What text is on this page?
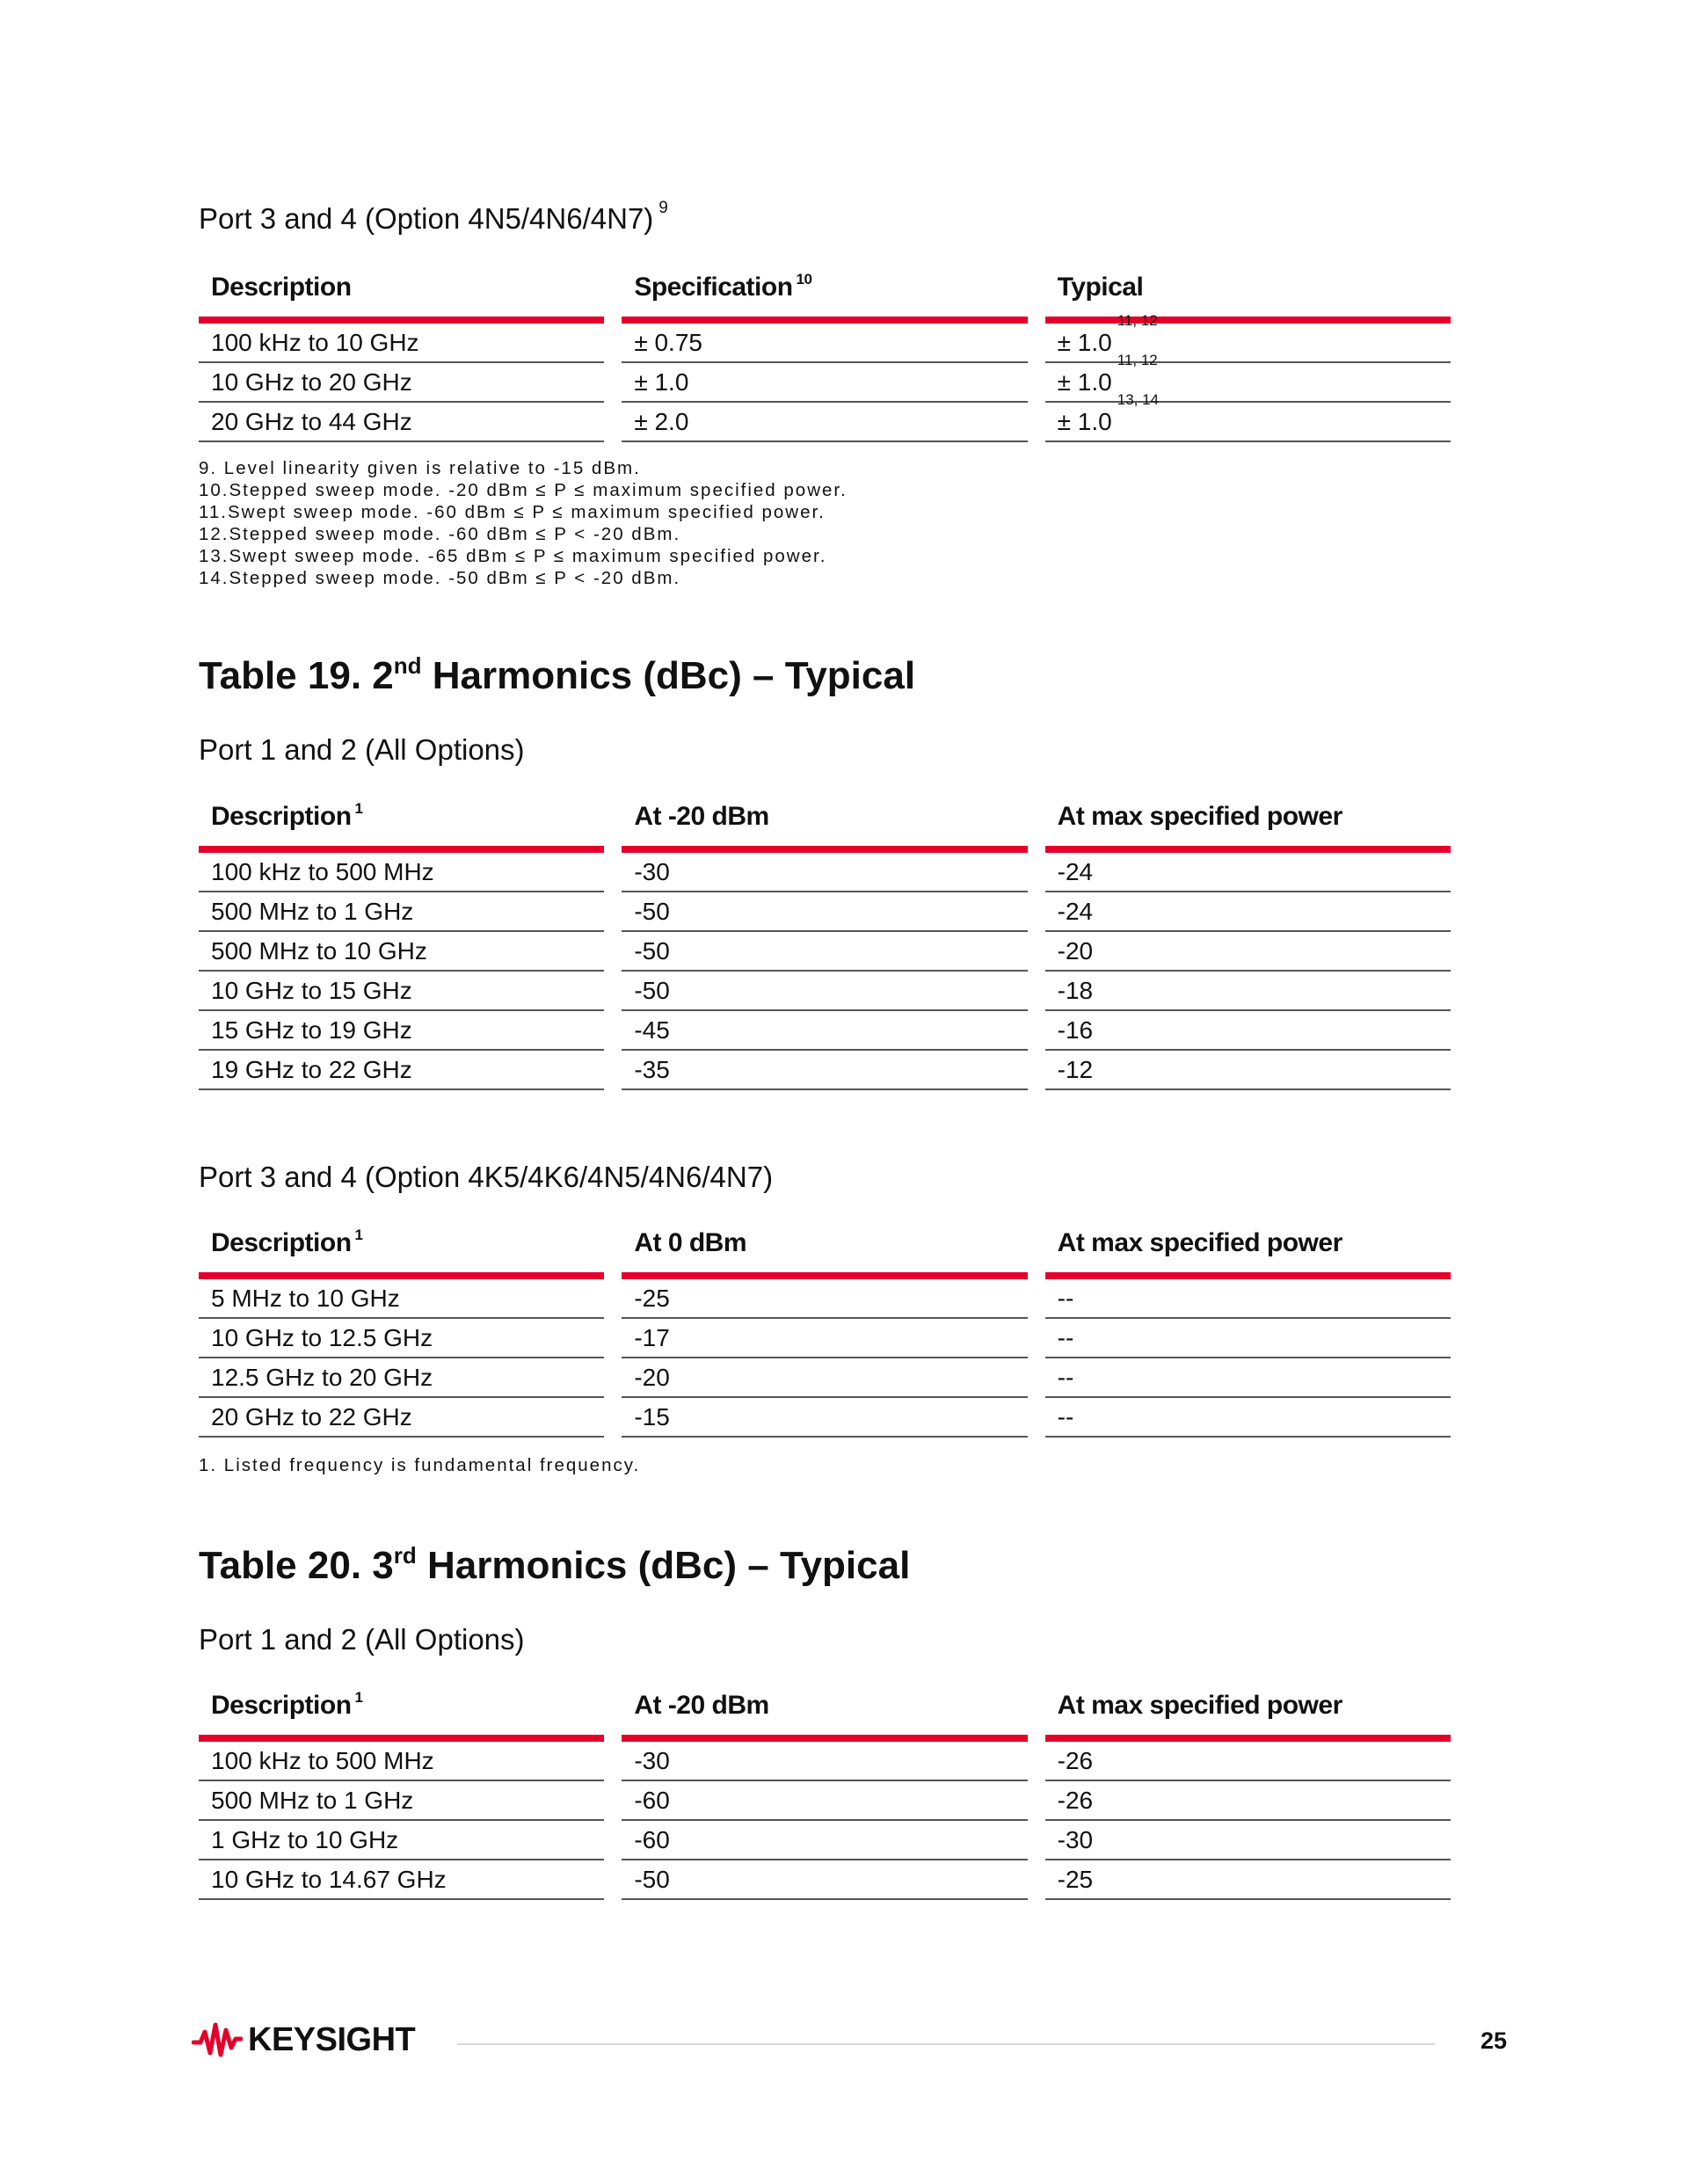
Port 3 and 4 (Option 4N5/4N6/4N7) $^9$
Description	Specification $^{10}$	Typical
100 kHz to 10 GHz	± 0.75	± $1.0^{11, 12}$
10 GHz to 20 GHz	± 1.0	± $1.0^{11, 12}$
20 GHz to 44 GHz	± 2.0	± $1.0^{13, 14}$
9. Level linearity given is relative to -15 dBm.
10.Stepped sweep mode. -20 dBm ≤ P ≤ maximum specified power.
11.Swept sweep mode. -60 dBm ≤ P ≤ maximum specified power.
12.Stepped sweep mode. -60 dBm ≤ P < -20 dBm.
13.Swept sweep mode. -65 dBm ≤ P ≤ maximum specified power.
14.Stepped sweep mode. -50 dBm ≤ P < -20 dBm.
Table 19. 2nd Harmonics (dBc) – Typical
Port 1 and 2 (All Options)
Description $^1$	At -20 dBm	At max specified power
100 kHz to 500 MHz	-30	-24
500 MHz to 1 GHz	-50	-24
500 MHz to 10 GHz	-50	-20
10 GHz to 15 GHz	-50	-18
15 GHz to 19 GHz	-45	-16
19 GHz to 22 GHz	-35	-12
Port 3 and 4 (Option 4K5/4K6/4N5/4N6/4N7)
Description $^1$	At 0 dBm	At max specified power
5 MHz to 10 GHz	-25	--
10 GHz to 12.5 GHz	-17	--
12.5 GHz to 20 GHz	-20	--
20 GHz to 22 GHz	-15	--
1. Listed frequency is fundamental frequency.
Table 20. 3rd Harmonics (dBc) – Typical
Port 1 and 2 (All Options)
Description $^1$	At -20 dBm	At max specified power
100 kHz to 500 MHz	-30	-26
500 MHz to 1 GHz	-60	-26
1 GHz to 10 GHz	-60	-30
10 GHz to 14.67 GHz	-50	-25
KEYSIGHT	25
